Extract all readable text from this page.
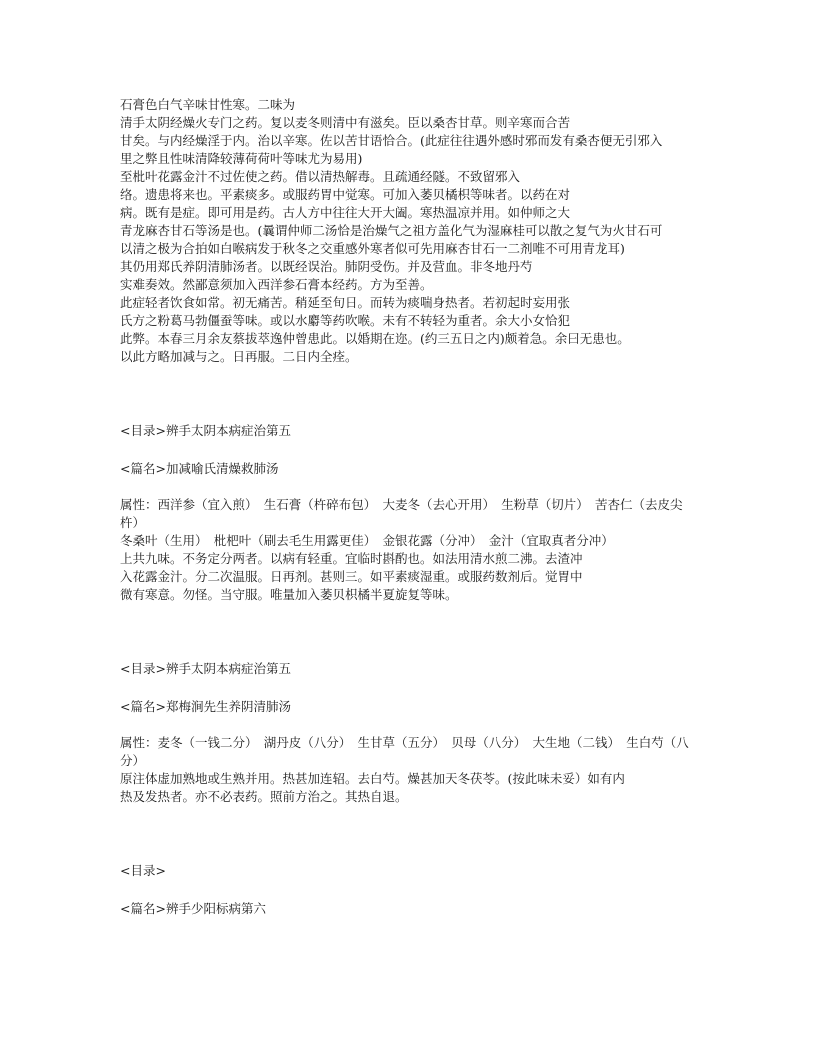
石膏色白气辛味甘性寒。二味为
清手太阴经燥火专门之药。复以麦冬则清中有滋矣。臣以桑杏甘草。则辛寒而合苦
甘矣。与内经燥淫于内。治以辛寒。佐以苦甘语恰合。(此症往往遇外感时邪而发有桑杏便无引邪入
里之弊且性味清降较薄荷荷叶等味尤为易用)
至枇叶花露金汁不过佐使之药。借以清热解毒。且疏通经隧。不致留邪入
络。遗患将来也。平素痰多。或服药胃中觉寒。可加入萎贝橘枳等味者。以药在对
病。既有是症。即可用是药。古人方中往往大开大阖。寒热温凉并用。如仲师之大
青龙麻杏甘石等汤是也。(曩谓仲师二汤恰是治燥气之祖方盖化气为湿麻桂可以散之复气为火甘石可
以清之极为合拍如白喉病发于秋冬之交重感外寒者似可先用麻杏甘石一二剂唯不可用青龙耳)
其仍用郑氏养阴清肺汤者。以既经误治。肺阴受伤。并及营血。非冬地丹芍
实难奏效。然鄙意须加入西洋参石膏本经药。方为至善。
此症轻者饮食如常。初无痛苦。稍延至旬日。而转为痰喘身热者。若初起时妄用张
氏方之粉葛马勃僵蚕等味。或以水麝等药吹喉。未有不转轻为重者。余大小女恰犯
此弊。本春三月余友蔡拔萃逸仲曾患此。以婚期在迩。(约三五日之内)颇着急。余曰无患也。
以此方略加减与之。日再服。二日内全痊。
<目录>辨手太阴本病症治第五
<篇名>加减喻氏清燥救肺汤
属性：西洋参（宜入煎）　生石膏（杵碎布包）　大麦冬（去心开用）　生粉草（切片）　苦杏仁（去皮尖杵）
冬桑叶（生用）　枇杷叶（刷去毛生用露更佳）　金银花露（分冲）　金汁（宜取真者分冲）
上共九味。不务定分两者。以病有轻重。宜临时斟酌也。如法用清水煎二沸。去渣冲
入花露金汁。分二次温服。日再剂。甚则三。如平素痰湿重。或服药数剂后。觉胃中
微有寒意。勿怪。当守服。唯量加入萎贝枳橘半夏旋复等味。
<目录>辨手太阴本病症治第五
<篇名>郑梅涧先生养阴清肺汤
属性：麦冬（一钱二分）　湖丹皮（八分）　生甘草（五分）　贝母（八分）　大生地（二钱）　生白芍（八分）
原注体虚加熟地或生熟并用。热甚加连轺。去白芍。燥甚加天冬茯苓。(按此味未妥）如有内
热及发热者。亦不必表药。照前方治之。其热自退。
<目录>
<篇名>辨手少阳标病第六
